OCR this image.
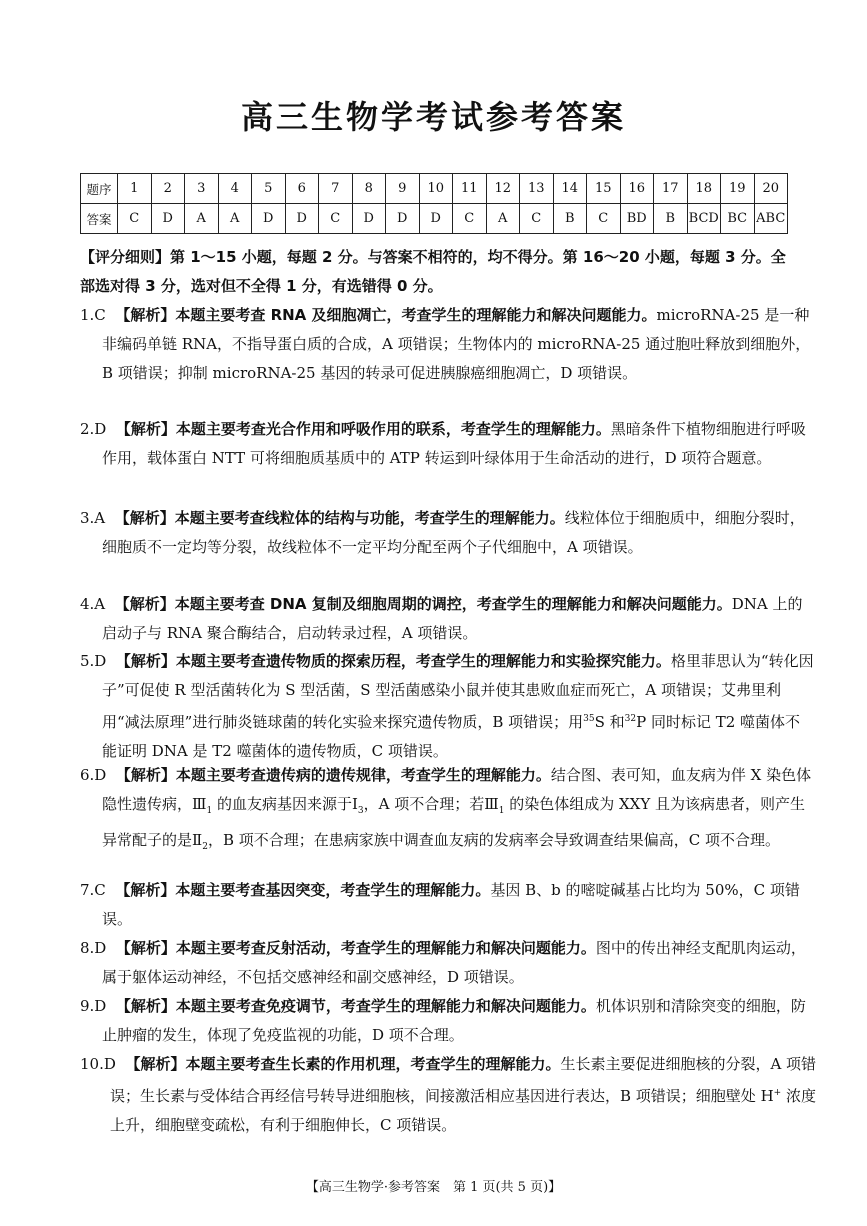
高三生物学考试参考答案
题序	1	2	3	4	5	6	7	8	9	10	11	12	13	14	15	16	17	18	19	20
答案	C	D	A	A	D	D	C	D	D	D	C	A	C	B	C	BD	B	BCD	BC	ABC
【评分细则】第 1～15 小题，每题 2 分。与答案不相符的，均不得分。第 16～20 小题，每题 3 分。全部选对得 3 分，选对但不全得 1 分，有选错得 0 分。
1.C 【解析】本题主要考查 RNA 及细胞凋亡，考查学生的理解能力和解决问题能力。microRNA-25 是一种非编码单链 RNA，不指导蛋白质的合成，A 项错误；生物体内的 microRNA-25 通过胞吐释放到细胞外，B 项错误；抑制 microRNA-25 基因的转录可促进胰腺癌细胞凋亡，D 项错误。
2.D 【解析】本题主要考查光合作用和呼吸作用的联系，考查学生的理解能力。黑暗条件下植物细胞进行呼吸作用，载体蛋白 NTT 可将细胞质基质中的 ATP 转运到叶绿体用于生命活动的进行，D 项符合题意。
3.A 【解析】本题主要考查线粒体的结构与功能，考查学生的理解能力。线粒体位于细胞质中，细胞分裂时，细胞质不一定均等分裂，故线粒体不一定平均分配至两个子代细胞中，A 项错误。
4.A 【解析】本题主要考查 DNA 复制及细胞周期的调控，考查学生的理解能力和解决问题能力。DNA 上的启动子与 RNA 聚合酶结合，启动转录过程，A 项错误。
5.D 【解析】本题主要考查遗传物质的探索历程，考查学生的理解能力和实验探究能力。格里菲思认为“转化因子”可促使 R 型活菌转化为 S 型活菌，S 型活菌感染小鼠并使其患败血症而死亡，A 项错误；艾弗里利用“减法原理”进行肺炎链球菌的转化实验来探究遗传物质，B 项错误；用$^{35}$S 和$^{32}$P 同时标记 T2 噬菌体不能证明 DNA 是 T2 噬菌体的遗传物质，C 项错误。
6.D 【解析】本题主要考查遗传病的遗传规律，考查学生的理解能力。结合图、表可知，血友病为伴 X 染色体隐性遗传病，$Ⅲ_1$ 的血友病基因来源于$Ⅰ_3$，A 项不合理；若$Ⅲ_1$ 的染色体组成为 XXY 且为该病患者，则产生异常配子的是$Ⅱ_2$，B 项不合理；在患病家族中调查血友病的发病率会导致调查结果偏高，C 项不合理。
7.C 【解析】本题主要考查基因突变，考查学生的理解能力。基因 B、b 的嘧啶碱基占比均为 50%，C 项错误。
8.D 【解析】本题主要考查反射活动，考查学生的理解能力和解决问题能力。图中的传出神经支配肌肉运动，属于躯体运动神经，不包括交感神经和副交感神经，D 项错误。
9.D 【解析】本题主要考查免疫调节，考查学生的理解能力和解决问题能力。机体识别和清除突变的细胞，防止肿瘤的发生，体现了免疫监视的功能，D 项不合理。
10.D 【解析】本题主要考查生长素的作用机理，考查学生的理解能力。生长素主要促进细胞核的分裂，A 项错误；生长素与受体结合再经信号转导进细胞核，间接激活相应基因进行表达，B 项错误；细胞壁处 H+ 浓度上升，细胞壁变疏松，有利于细胞伸长，C 项错误。
【高三生物学·参考答案　第 1 页(共 5 页)】
